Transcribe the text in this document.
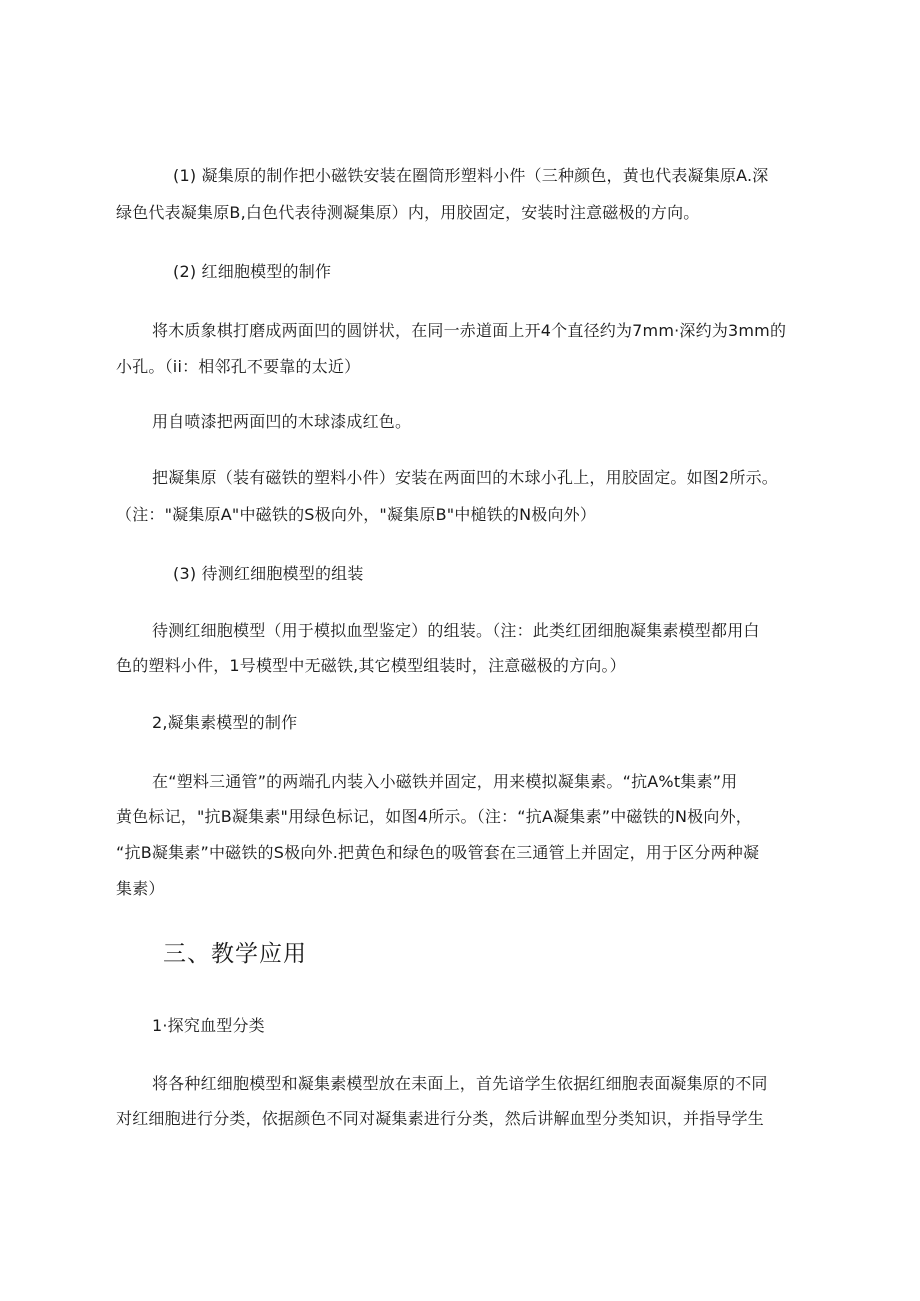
(1) 凝集原的制作把小磁铁安装在圈筒形塑料小件（三种颜色，黄也代表凝集原A.深
绿色代表凝集原B,白色代表待测凝集原）内，用胶固定，安装时注意磁极的方向。
(2) 红细胞模型的制作
将木质象棋打磨成两面凹的圆饼状，在同一赤道面上开4个直径约为7mm·深约为3mm的
小孔。（ii：相邻孔不要靠的太近）
用自喷漆把两面凹的木球漆成红色。
把凝集原（装有磁铁的塑料小件）安装在两面凹的木球小孔上，用胶固定。如图2所示。
（注："凝集原A"中磁铁的S极向外，"凝集原B"中槌铁的N极向外）
(3) 待测红细胞模型的组装
待测红细胞模型（用于模拟血型鉴定）的组装。（注：此类红团细胞凝集素模型都用白
色的塑料小件，1号模型中无磁铁,其它模型组装时，注意磁极的方向。）
2,凝集素模型的制作
在“塑料三通管”的两端孔内装入小磁铁并固定，用来模拟凝集素。“抗A%t集素”用
黄色标记，"抗B凝集素"用绿色标记，如图4所示。（注：“抗A凝集素”中磁铁的N极向外，
“抗B凝集素”中磁铁的S极向外.把黄色和绿色的吸管套在三通管上并固定，用于区分两种凝
集素）
三、教学应用
1·探究血型分类
将各种红细胞模型和凝集素模型放在耒面上，首先谙学生依据红细胞表面凝集原的不同
对红细胞进行分类，依据颜色不同对凝集素进行分类，然后讲解血型分类知识，并指导学生
